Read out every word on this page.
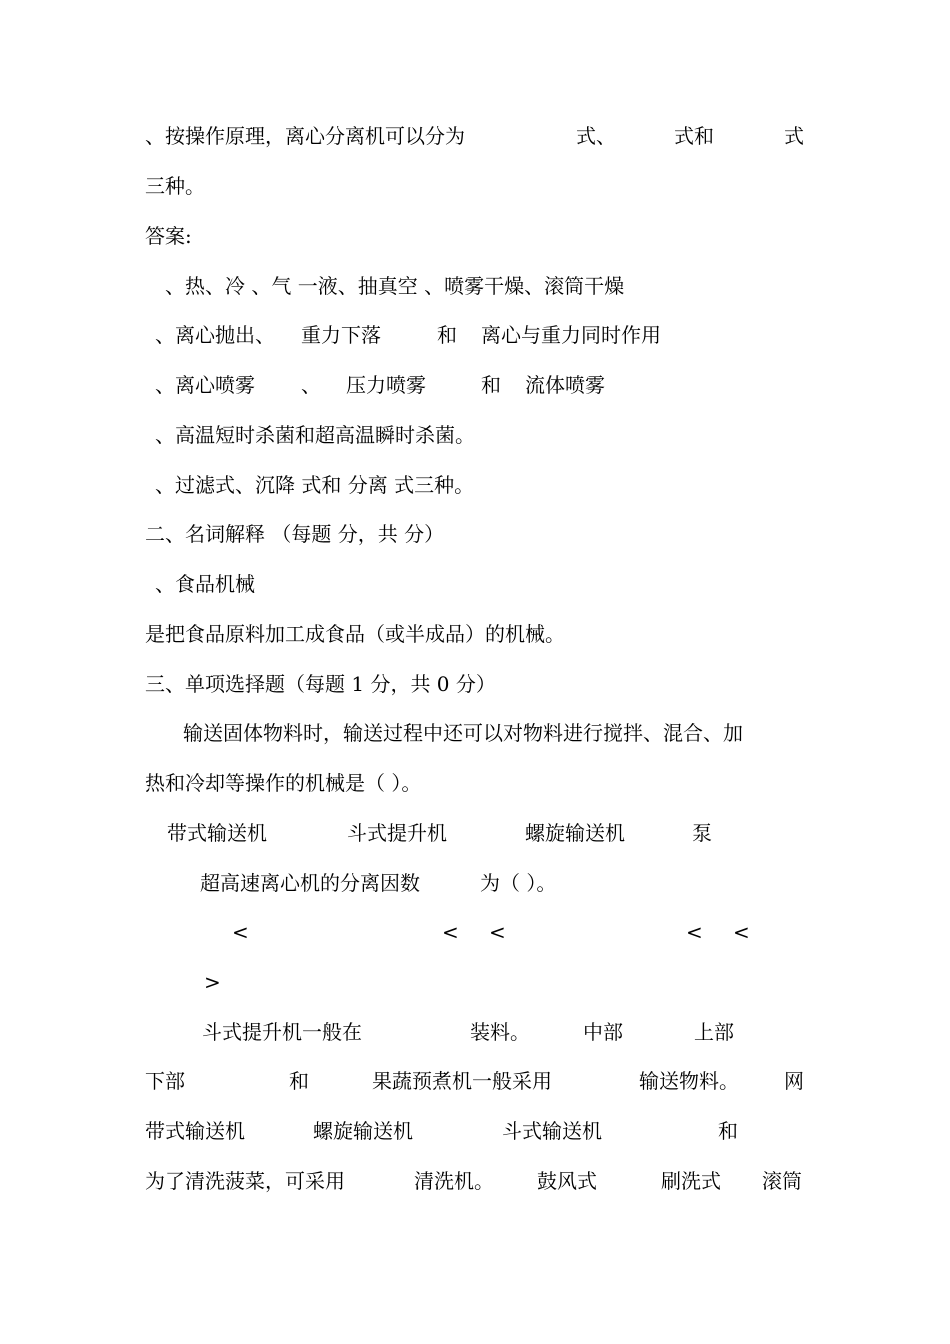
、按操作原理，离心分离机可以分为	式、	式和	式
三种。
答案:
、热、冷 、气 一液、抽真空 、喷雾干燥、滚筒干燥
、离心抛出、 重力下落	和 离心与重力同时作用
、离心喷雾 、 压力喷雾	和 流体喷雾
、高温短时杀菌和超高温瞬时杀菌。
、过滤式、沉降 式和 分离 式三种。
二、名词解释 （每题 分，共 分）
、食品机械
是把食品原料加工成食品（或半成品）的机械。
三、单项选择题（每题 1 分，共 0 分）
输送固体物料时，输送过程中还可以对物料进行搅拌、混合、加
热和冷却等操作的机械是（ ）。
带式输送机	斗式提升机	螺旋输送机	泵
超高速离心机的分离因数	为（ ）。
<	< <	< <
>
斗式提升机一般在	装料。	中部	上部
下部	和	果蔬预煮机一般采用	输送物料。 网
带式输送机	螺旋输送机	斗式输送机	和
为了清洗菠菜，可采用	清洗机。 鼓风式	刷洗式 滚筒
